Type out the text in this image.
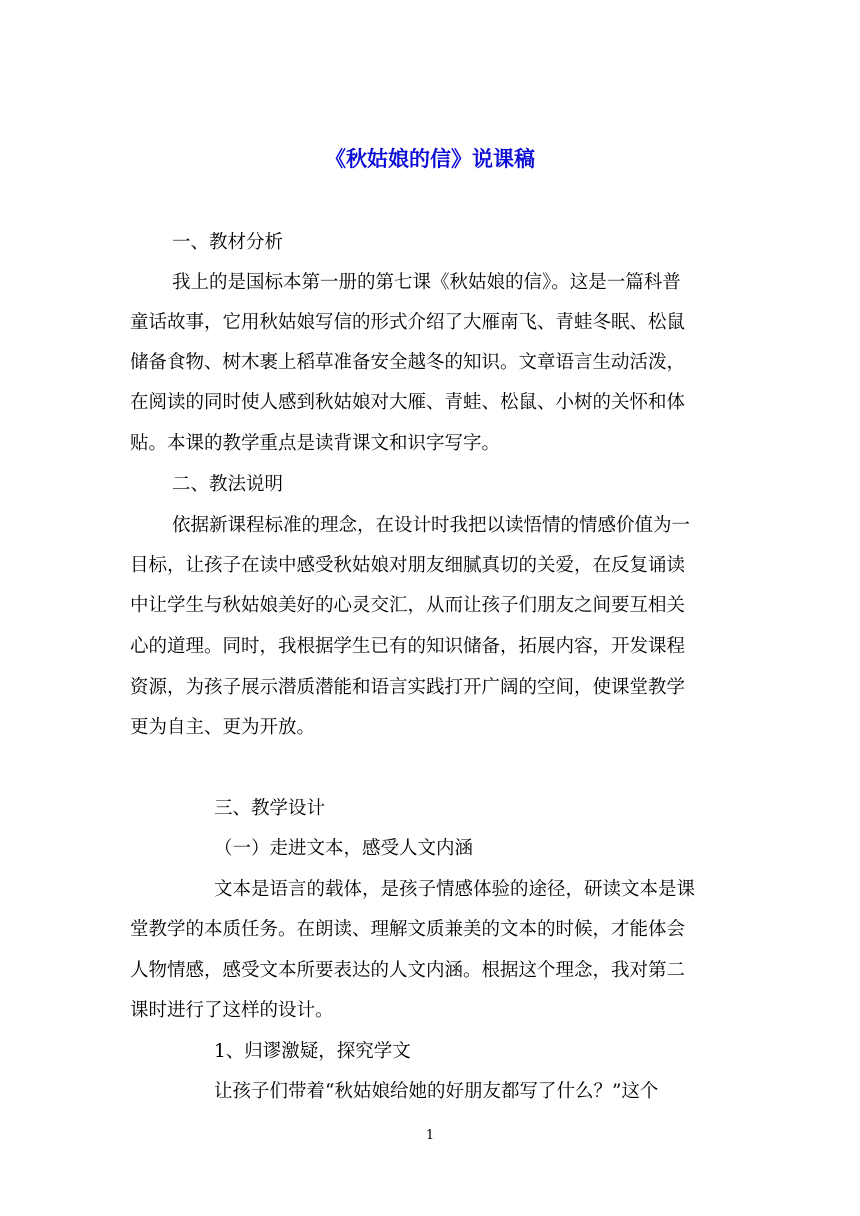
《秋姑娘的信》说课稿
一、教材分析
我上的是国标本第一册的第七课《秋姑娘的信》。这是一篇科普
童话故事，它用秋姑娘写信的形式介绍了大雁南飞、青蛙冬眠、松鼠
储备食物、树木裹上稻草准备安全越冬的知识。文章语言生动活泼，
在阅读的同时使人感到秋姑娘对大雁、青蛙、松鼠、小树的关怀和体
贴。本课的教学重点是读背课文和识字写字。
二、教法说明
依据新课程标准的理念，在设计时我把以读悟情的情感价值为一
目标，让孩子在读中感受秋姑娘对朋友细腻真切的关爱，在反复诵读
中让学生与秋姑娘美好的心灵交汇，从而让孩子们朋友之间要互相关
心的道理。同时，我根据学生已有的知识储备，拓展内容，开发课程
资源，为孩子展示潜质潜能和语言实践打开广阔的空间，使课堂教学
更为自主、更为开放。
三、教学设计
（一）走进文本，感受人文内涵
文本是语言的载体，是孩子情感体验的途径，研读文本是课
堂教学的本质任务。在朗读、理解文质兼美的文本的时候，才能体会
人物情感，感受文本所要表达的人文内涵。根据这个理念，我对第二
课时进行了这样的设计。
1、归谬激疑，探究学文
让孩子们带着“秋姑娘给她的好朋友都写了什么？”这个
1
